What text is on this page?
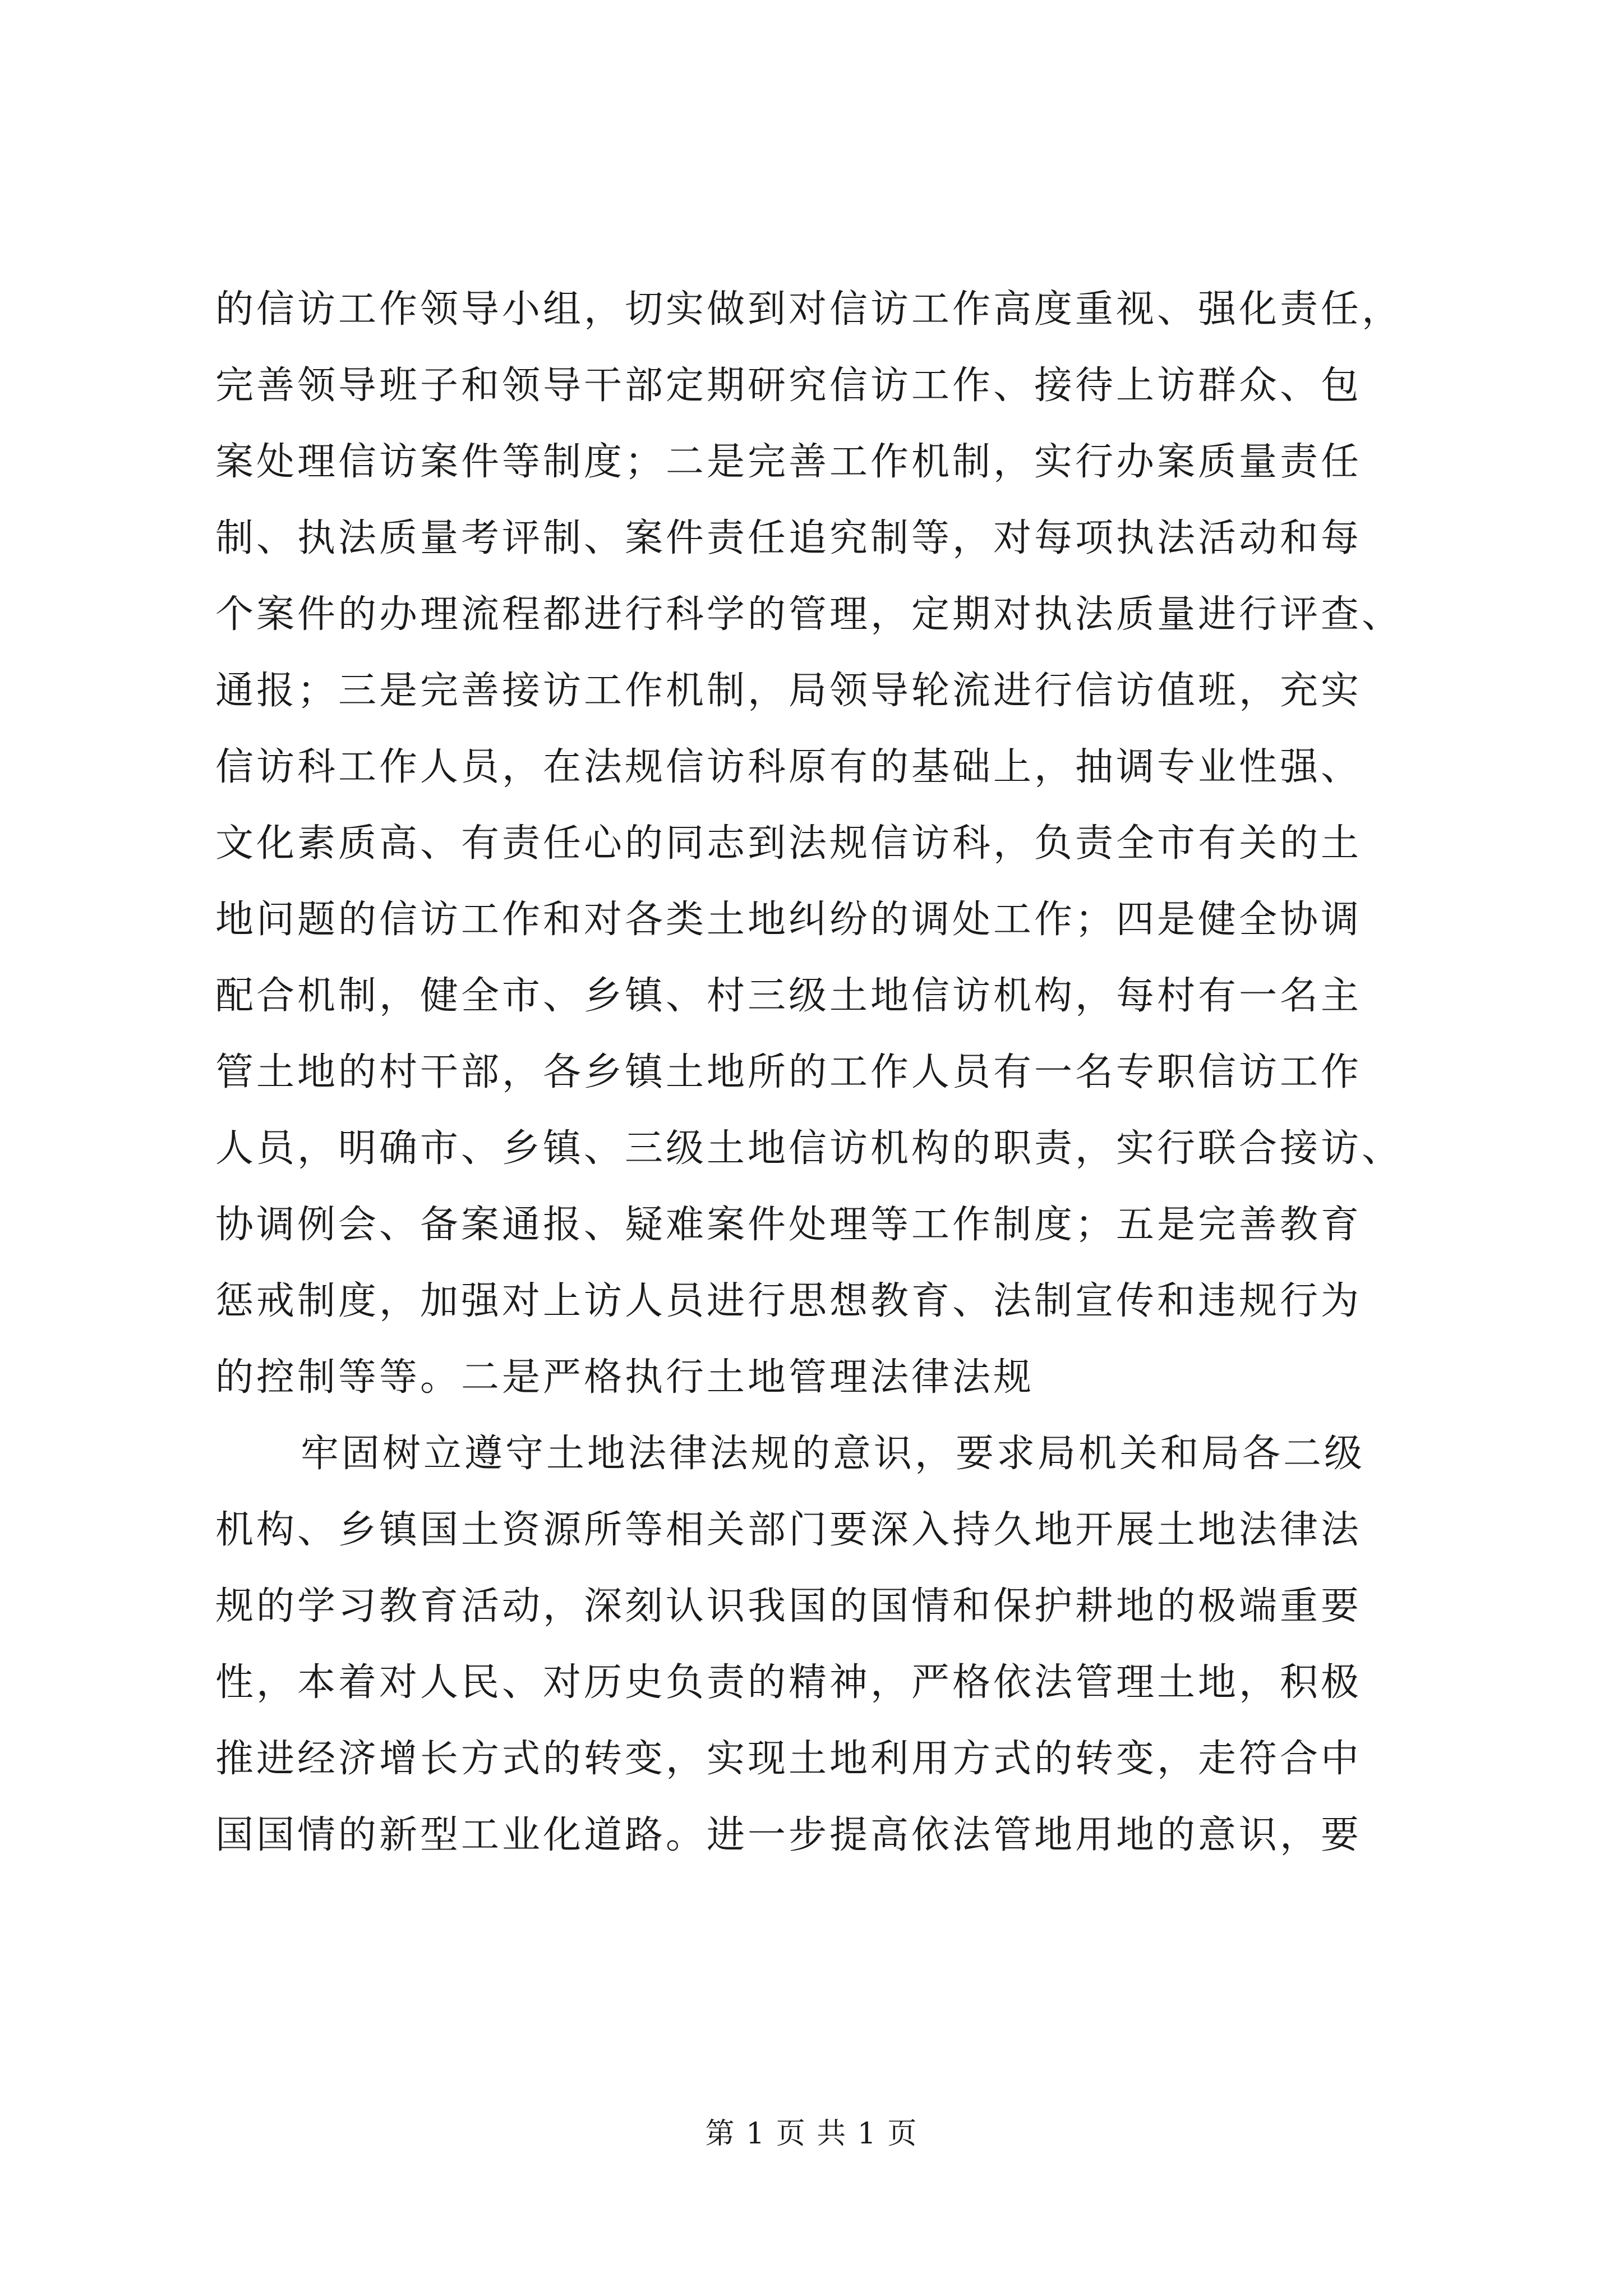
的信访工作领导小组，切实做到对信访工作高度重视、强化责任，
完善领导班子和领导干部定期研究信访工作、接待上访群众、包
案处理信访案件等制度；二是完善工作机制，实行办案质量责任
制、执法质量考评制、案件责任追究制等，对每项执法活动和每
个案件的办理流程都进行科学的管理，定期对执法质量进行评查、
通报；三是完善接访工作机制，局领导轮流进行信访值班，充实
信访科工作人员，在法规信访科原有的基础上，抽调专业性强、
文化素质高、有责任心的同志到法规信访科，负责全市有关的土
地问题的信访工作和对各类土地纠纷的调处工作；四是健全协调
配合机制，健全市、乡镇、村三级土地信访机构，每村有一名主
管土地的村干部，各乡镇土地所的工作人员有一名专职信访工作
人员，明确市、乡镇、三级土地信访机构的职责，实行联合接访、
协调例会、备案通报、疑难案件处理等工作制度；五是完善教育
惩戒制度，加强对上访人员进行思想教育、法制宣传和违规行为
的控制等等。二是严格执行土地管理法律法规
牢固树立遵守土地法律法规的意识，要求局机关和局各二级
机构、乡镇国土资源所等相关部门要深入持久地开展土地法律法
规的学习教育活动，深刻认识我国的国情和保护耕地的极端重要
性，本着对人民、对历史负责的精神，严格依法管理土地，积极
推进经济增长方式的转变，实现土地利用方式的转变，走符合中
国国情的新型工业化道路。进一步提高依法管地用地的意识，要
第 1 页 共 1 页
